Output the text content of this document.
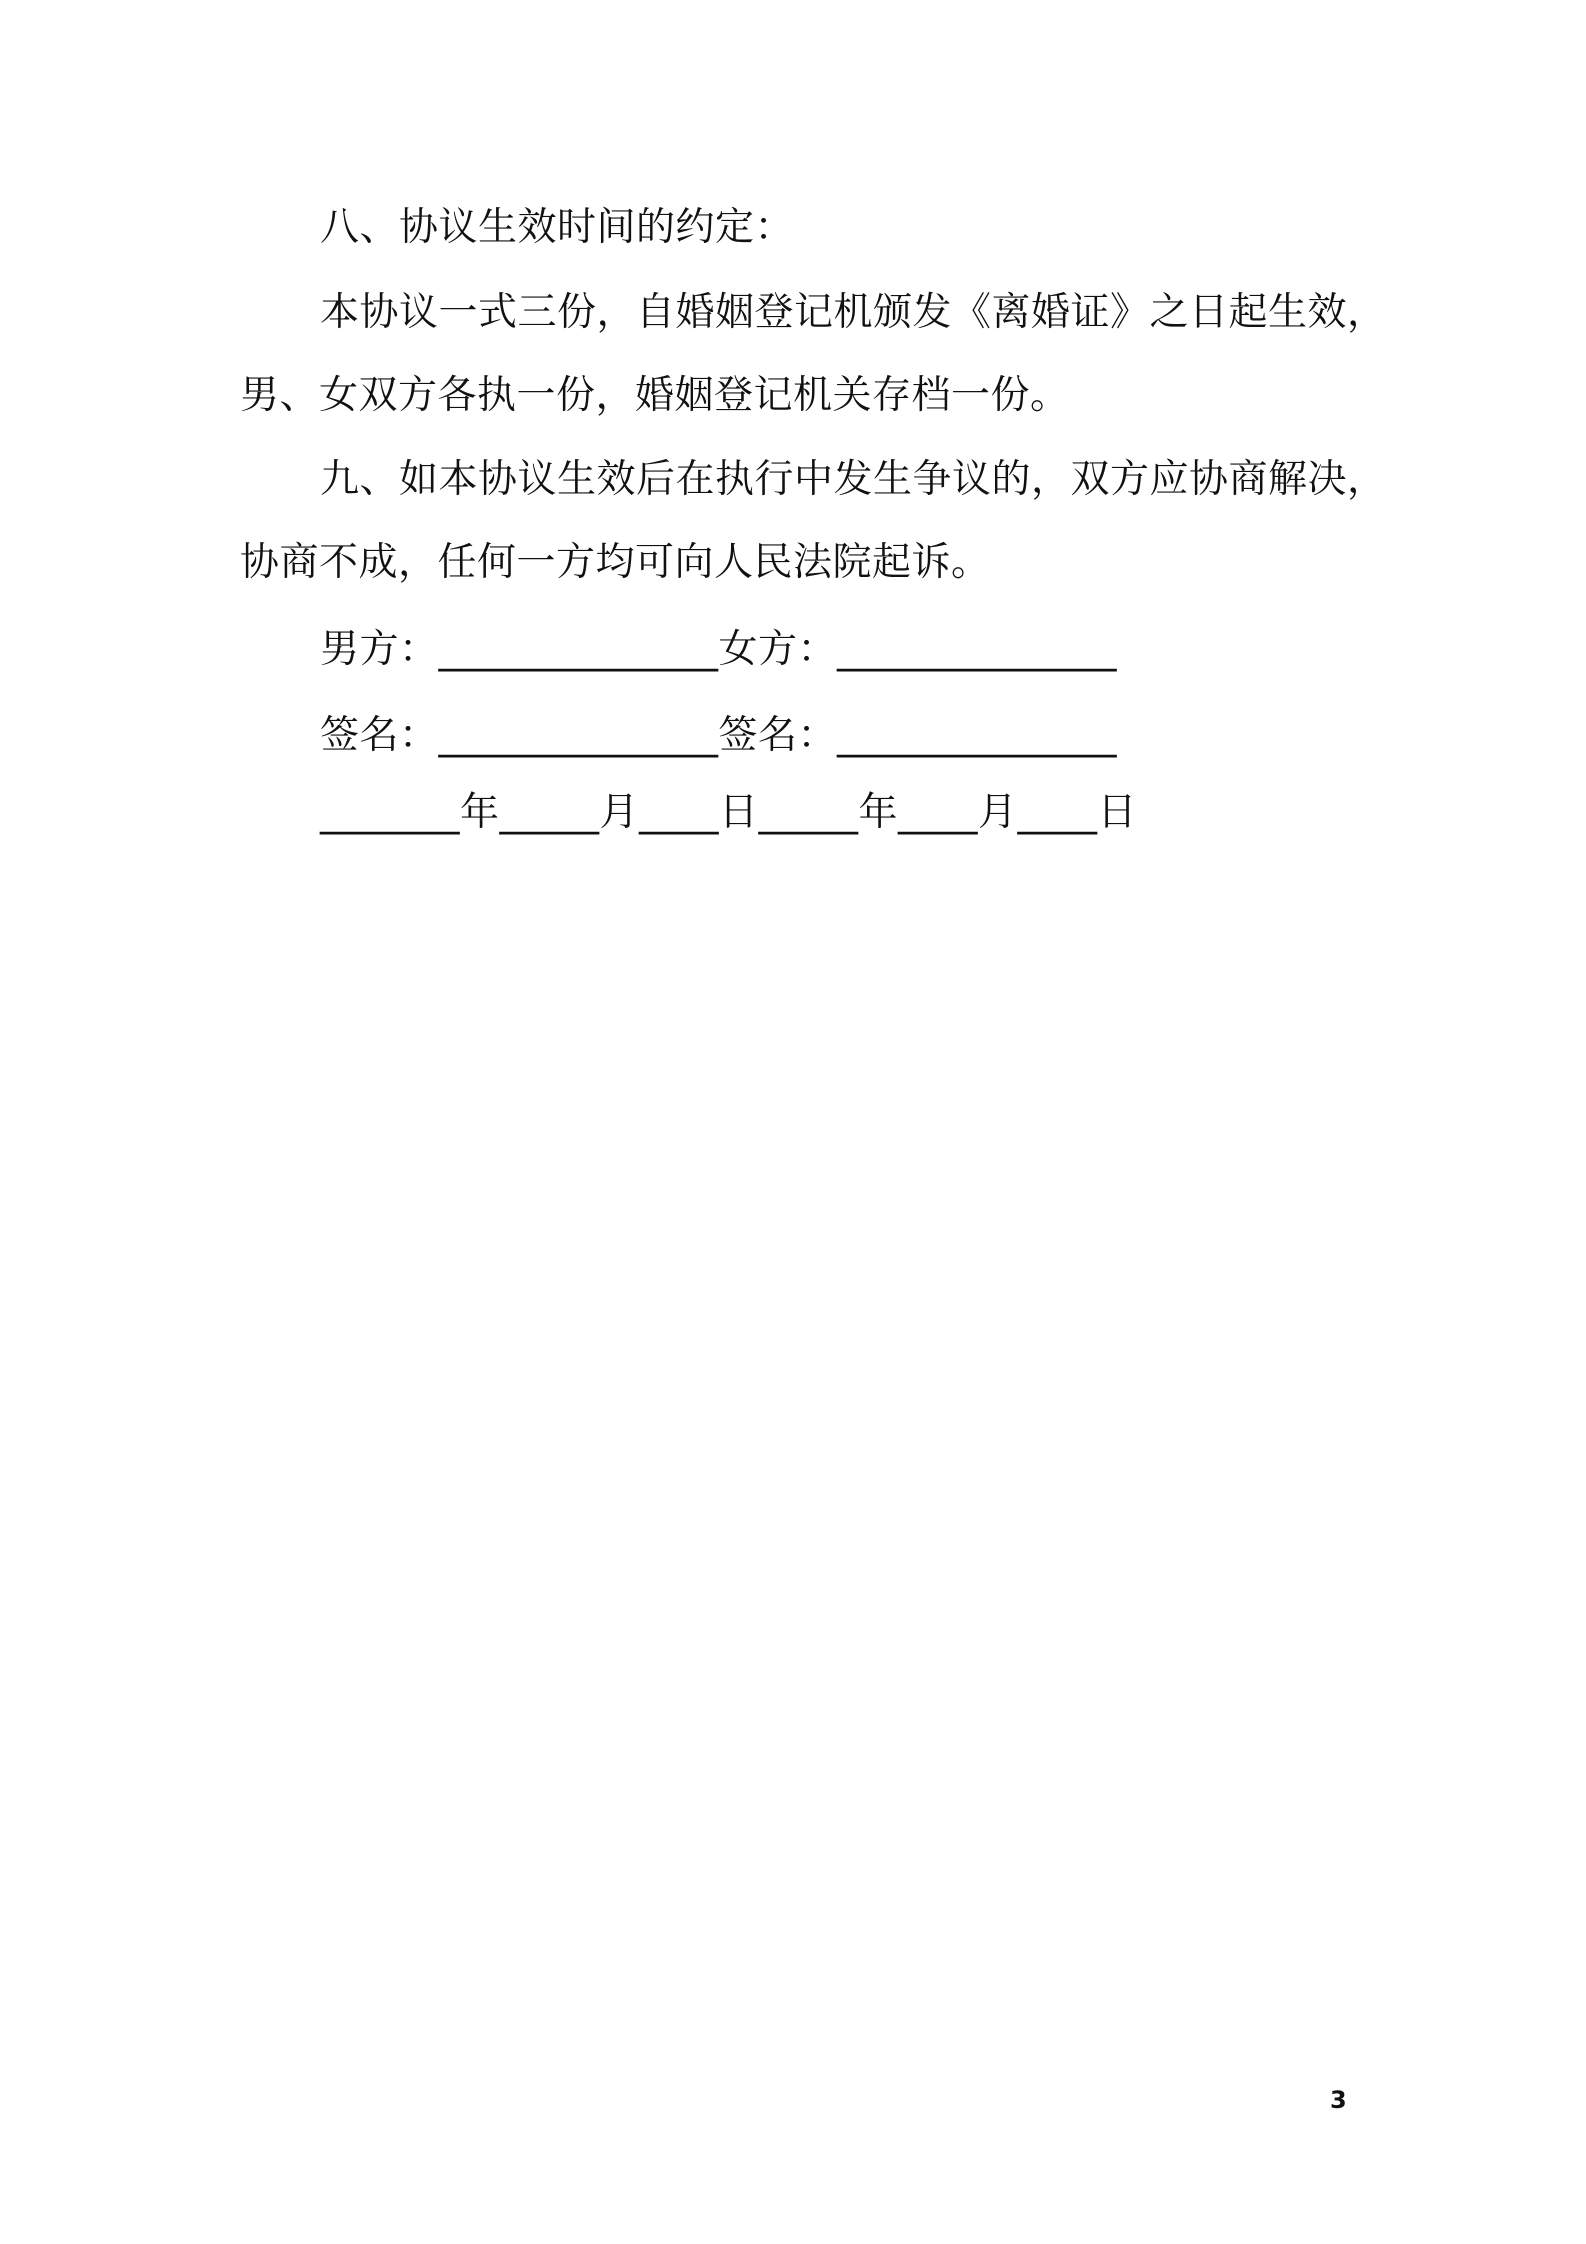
八、协议生效时间的约定：
本协议一式三份，自婚姻登记机颁发《离婚证》之日起生效，
男、女双方各执一份，婚姻登记机关存档一份。
九、如本协议生效后在执行中发生争议的，双方应协商解决，
协商不成，任何一方均可向人民法院起诉。
男方：______________女方：______________
签名：______________签名：______________
_______年_____月____日_____年____月____日
3
